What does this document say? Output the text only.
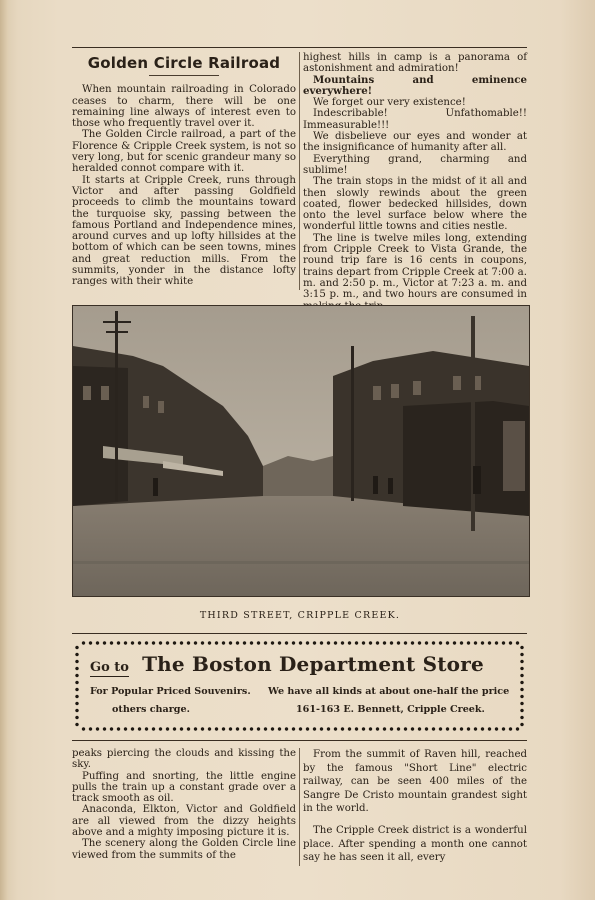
Golden Circle Railroad

When mountain railroading in Colorado ceases to charm, there will be one remaining line always of interest even to those who frequently travel over it.

The Golden Circle railroad, a part of the Florence & Cripple Creek system, is not so very long, but for scenic grandeur many so heralded connot compare with it.

It starts at Cripple Creek, runs through Victor and after passing Goldfield proceeds to climb the mountains toward the turquoise sky, passing between the famous Portland and Independence mines, around curves and up lofty hillsides at the bottom of which can be seen towns, mines and great reduction mills. From the summits, yonder in the distance lofty ranges with their white

highest hills in camp is a panorama of astonishment and admiration!

Mountains and eminence everywhere!

We forget our very existence!

Indescribable! Unfathomable!! Immeasurable!!!

We disbelieve our eyes and wonder at the insignificance of humanity after all.

Everything grand, charming and sublime!

The train stops in the midst of it all and then slowly rewinds about the green coated, flower bedecked hillsides, down onto the level surface below where the wonderful little towns and cities nestle.

The line is twelve miles long, extending from Cripple Creek to Vista Grande, the round trip fare is 16 cents in coupons, trains depart from Cripple Creek at 7:00 a. m. and 2:50 p. m., Victor at 7:23 a. m. and 3:15 p. m., and two hours are consumed in

THIRD STREET, CRIPPLE CREEK.
Go to The Boston Department Store
For Popular Priced Souvenirs. We have all kinds at about one-half the price
others charge.	161-163 E. Bennett, Cripple Creek.

peaks piercing the clouds and kissing the sky.

Puffing and snorting, the little engine pulls the train up a constant grade over a track smooth as oil.

Anaconda, Elkton, Victor and Goldfield are all viewed from the dizzy heights above and a mighty imposing picture it is.

The scenery along the Golden Circle line viewed from the summits of the

From the summit of Raven hill, reached by the famous "Short Line" electric railway, can be seen 400 miles of the Sangre De Cristo mountain grandest sight in the world.

The Cripple Creek district is a wonderful place. After spending a month one cannot say he has seen it all, every
